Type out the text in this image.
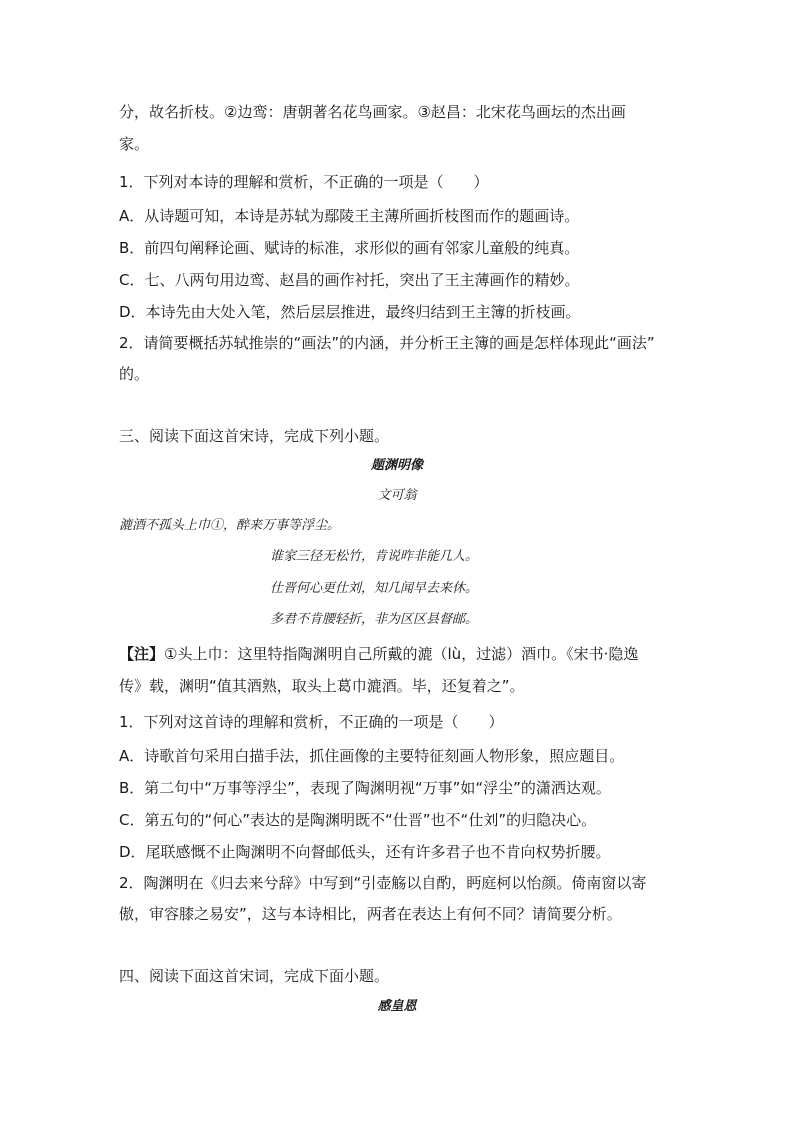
分，故名折枝。②边鸾：唐朝著名花鸟画家。③赵昌：北宋花鸟画坛的杰出画
家。
1．下列对本诗的理解和赏析，不正确的一项是（　　）
A．从诗题可知，本诗是苏轼为鄢陵王主薄所画折枝图而作的题画诗。
B．前四句阐释论画、赋诗的标准，求形似的画有邻家儿童般的纯真。
C．七、八两句用边鸾、赵昌的画作衬托，突出了王主薄画作的精妙。
D．本诗先由大处入笔，然后层层推进，最终归结到王主簿的折枝画。
2．请简要概括苏轼推崇的“画法”的内涵，并分析王主簿的画是怎样体现此“画法”
的。
三、阅读下面这首宋诗，完成下列小题。
题渊明像
文可翁
漉酒不孤头上巾①，醉来万事等浮尘。
谁家三径无松竹，肯说昨非能几人。
仕晋何心更仕刘，知几闻早去来休。
多君不肯腰轻折，非为区区县督邮。
【注】①头上巾：这里特指陶渊明自己所戴的漉（lù，过滤）酒巾。《宋书·隐逸
传》载，渊明“值其酒熟，取头上葛巾漉酒。毕，还复着之”。
1．下列对这首诗的理解和赏析，不正确的一项是（　　）
A．诗歌首句采用白描手法，抓住画像的主要特征刻画人物形象，照应题目。
B．第二句中“万事等浮尘”，表现了陶渊明视“万事”如“浮尘”的潇洒达观。
C．第五句的“何心”表达的是陶渊明既不“仕晋”也不“仕刘”的归隐决心。
D．尾联感慨不止陶渊明不向督邮低头，还有许多君子也不肯向权势折腰。
2．陶渊明在《归去来兮辞》中写到“引壶觞以自酌，眄庭柯以怡颜。倚南窗以寄
傲，审容膝之易安”，这与本诗相比，两者在表达上有何不同？请简要分析。
四、阅读下面这首宋词，完成下面小题。
感皇恩
